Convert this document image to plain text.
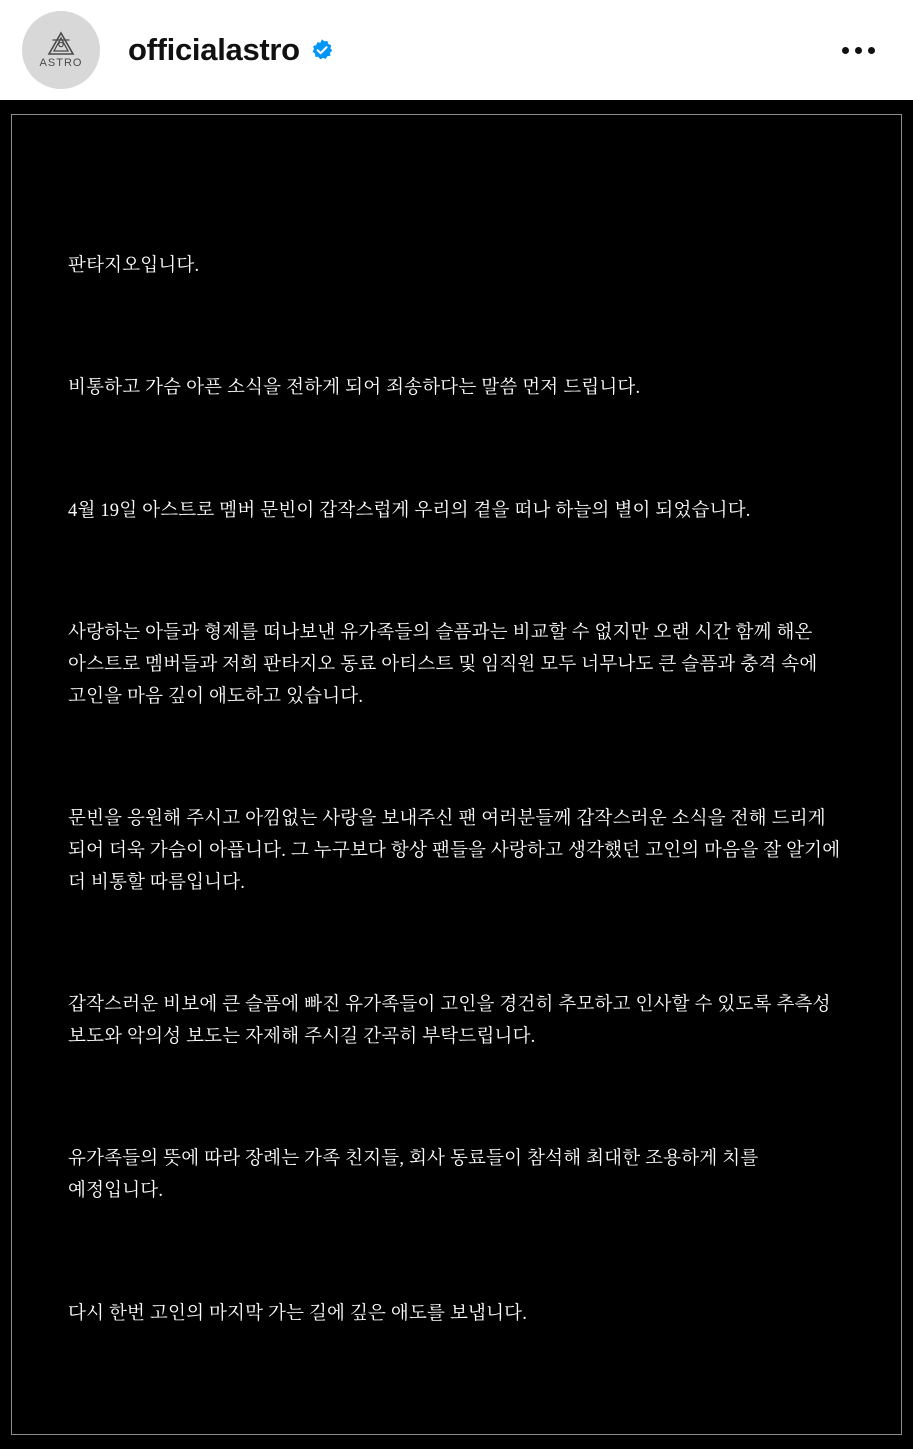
ASTRO officialastro

판타지오입니다.

비통하고 가슴 아픈 소식을 전하게 되어 죄송하다는 말씀 먼저 드립니다.

4월 19일 아스트로 멤버 문빈이 갑작스럽게 우리의 곁을 떠나 하늘의 별이 되었습니다.

사랑하는 아들과 형제를 떠나보낸 유가족들의 슬픔과는 비교할 수 없지만 오랜 시간 함께 해온 아스트로 멤버들과 저희 판타지오 동료 아티스트 및 임직원 모두 너무나도 큰 슬픔과 충격 속에 고인을 마음 깊이 애도하고 있습니다.

문빈을 응원해 주시고 아낌없는 사랑을 보내주신 팬 여러분들께 갑작스러운 소식을 전해 드리게 되어 더욱 가슴이 아픕니다. 그 누구보다 항상 팬들을 사랑하고 생각했던 고인의 마음을 잘 알기에 더 비통할 따름입니다.

갑작스러운 비보에 큰 슬픔에 빠진 유가족들이 고인을 경건히 추모하고 인사할 수 있도록 추측성 보도와 악의성 보도는 자제해 주시길 간곡히 부탁드립니다.

유가족들의 뜻에 따라 장례는 가족 친지들, 회사 동료들이 참석해 최대한 조용하게 치를 예정입니다.

다시 한번 고인의 마지막 가는 길에 깊은 애도를 보냅니다.
